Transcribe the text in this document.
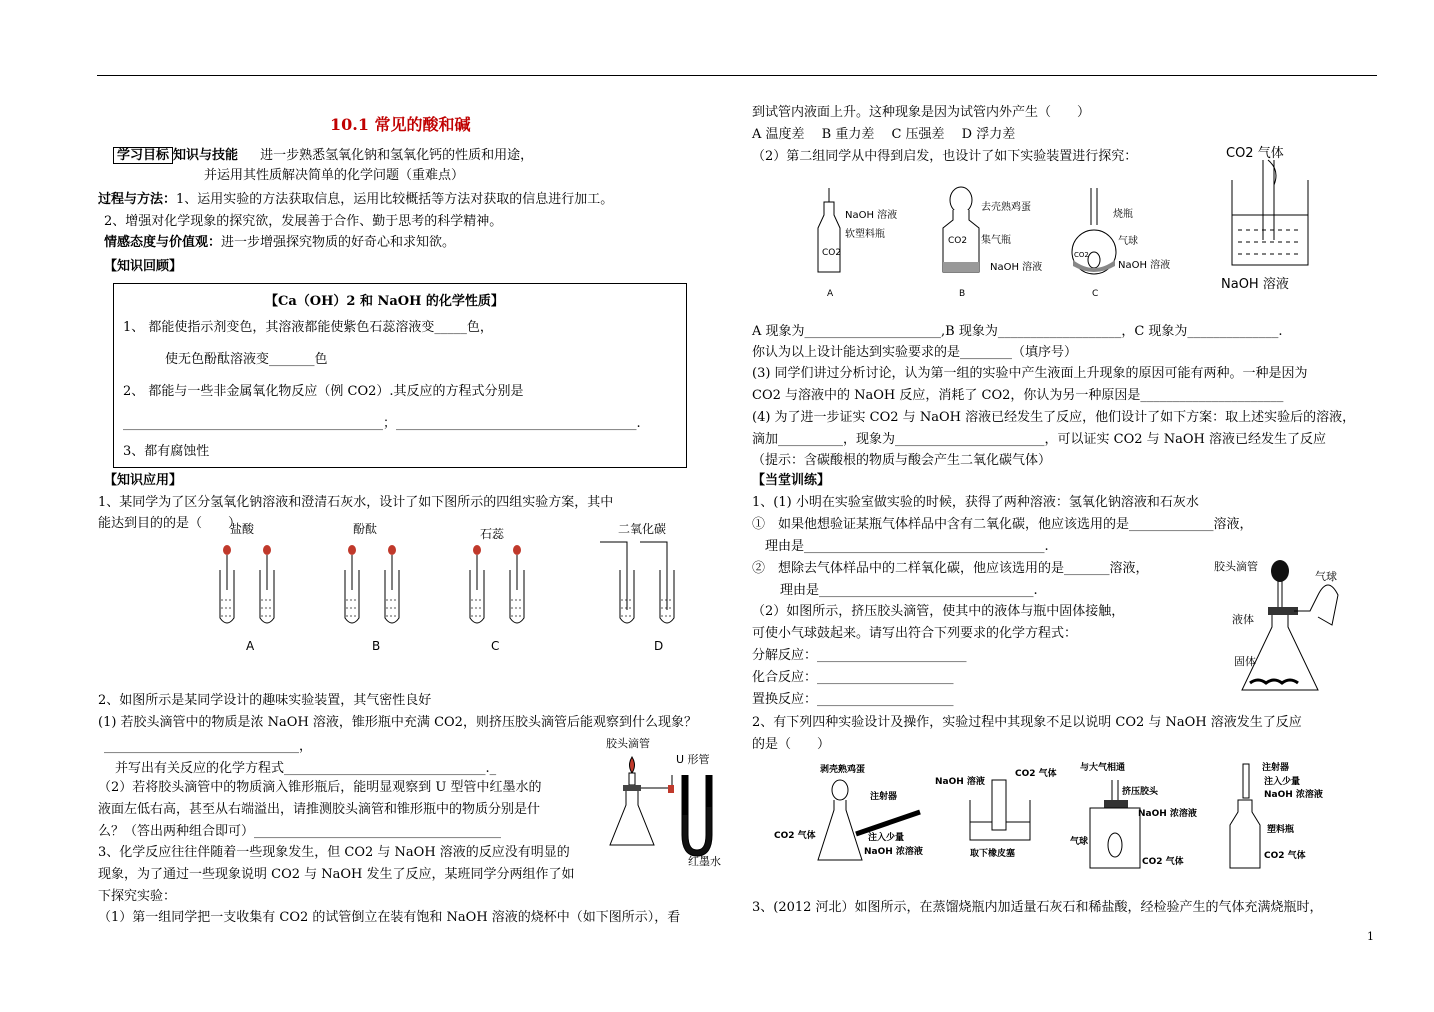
10.1 常见的酸和碱
学习目标 知识与技能 进一步熟悉氢氧化钠和氢氧化钙的性质和用途，
并运用其性质解决简单的化学问题（重难点）
过程与方法：1、运用实验的方法获取信息，运用比较概括等方法对获取的信息进行加工。
2、增强对化学现象的探究欲，发展善于合作、勤于思考的科学精神。
情感态度与价值观：进一步增强探究物质的好奇心和求知欲。
【知识回顾】
【Ca（OH）2 和 NaOH 的化学性质】
1、 都能使指示剂变色，其溶液都能使紫色石蕊溶液变_____色，
使无色酚酞溶液变_______色
2、 都能与一些非金属氧化物反应（例 CO2）.其反应的方程式分别是
________________________________________；_____________________________________.
3、都有腐蚀性
【知识应用】
1、某同学为了区分氢氧化钠溶液和澄清石灰水，设计了如下图所示的四组实验方案，其中
能达到目的的是（　　）
盐酸	酚酞	石蕊	二氧化碳
A	B	C	D
2、如图所示是某同学设计的趣味实验装置，其气密性良好
(1) 若胶头滴管中的物质是浓 NaOH 溶液，锥形瓶中充满 CO2，则挤压胶头滴管后能观察到什么现象？
______________________________，
并写出有关反应的化学方程式_______________________________._
（2）若将胶头滴管中的物质滴入锥形瓶后，能明显观察到 U 型管中红墨水的
液面左低右高，甚至从右端溢出，请推测胶头滴管和锥形瓶中的物质分别是什
么？（答出两种组合即可）______________________________________
3、化学反应往往伴随着一些现象发生，但 CO2 与 NaOH 溶液的反应没有明显的
现象，为了通过一些现象说明 CO2 与 NaOH 发生了反应，某班同学分两组作了如
下探究实验：
（1）第一组同学把一支收集有 CO2 的试管倒立在装有饱和 NaOH 溶液的烧杯中（如下图所示），看
胶头滴管
U 形管
红墨水
到试管内液面上升。这种现象是因为试管内外产生（　　）
A 温度差　 B 重力差　 C 压强差　 D 浮力差
（2）第二组同学从中得到启发，也设计了如下实验装置进行探究：
CO2
NaOH 溶液
软塑料瓶
A
CO2
去壳熟鸡蛋
集气瓶
NaOH 溶液
B
CO2
烧瓶
气球
NaOH 溶液
C
CO2 气体
NaOH 溶液
A 现象为_____________________,B 现象为___________________，C 现象为______________.
你认为以上设计能达到实验要求的是________（填序号）
(3) 同学们讲过分析讨论，认为第一组的实验中产生液面上升现象的原因可能有两种。一种是因为
CO2 与溶液中的 NaOH 反应，消耗了 CO2，你认为另一种原因是______________________
(4) 为了进一步证实 CO2 与 NaOH 溶液已经发生了反应，他们设计了如下方案：取上述实验后的溶液，
滴加__________，现象为_______________________，可以证实 CO2 与 NaOH 溶液已经发生了反应
（提示：含碳酸根的物质与酸会产生二氧化碳气体）
【当堂训练】
1、(1) 小明在实验室做实验的时候，获得了两种溶液：氢氧化钠溶液和石灰水
①　如果他想验证某瓶气体样品中含有二氧化碳，他应该选用的是_____________溶液，
理由是_____________________________________.
②　想除去气体样品中的二样氧化碳，他应该选用的是_______溶液，
理由是_________________________________.
（2）如图所示，挤压胶头滴管，使其中的液体与瓶中固体接触，
可使小气球鼓起来。请写出符合下列要求的化学方程式：
分解反应：_______________________
化合反应：_____________________
置换反应：_____________________
胶头滴管
气球
液体
固体
2、有下列四种实验设计及操作，实验过程中其现象不足以说明 CO2 与 NaOH 溶液发生了反应
的是（　　）
剥壳熟鸡蛋
注射器
CO2 气体	注入少量
NaOH 浓溶液
NaOH 溶液
CO2 气体
取下橡皮塞
与大气相通
挤压胶头
NaOH 浓溶液
气球
CO2 气体
注射器
注入少量
NaOH 浓溶液
塑料瓶
CO2 气体
3、(2012 河北）如图所示，在蒸馏烧瓶内加适量石灰石和稀盐酸，经检验产生的气体充满烧瓶时，
1
